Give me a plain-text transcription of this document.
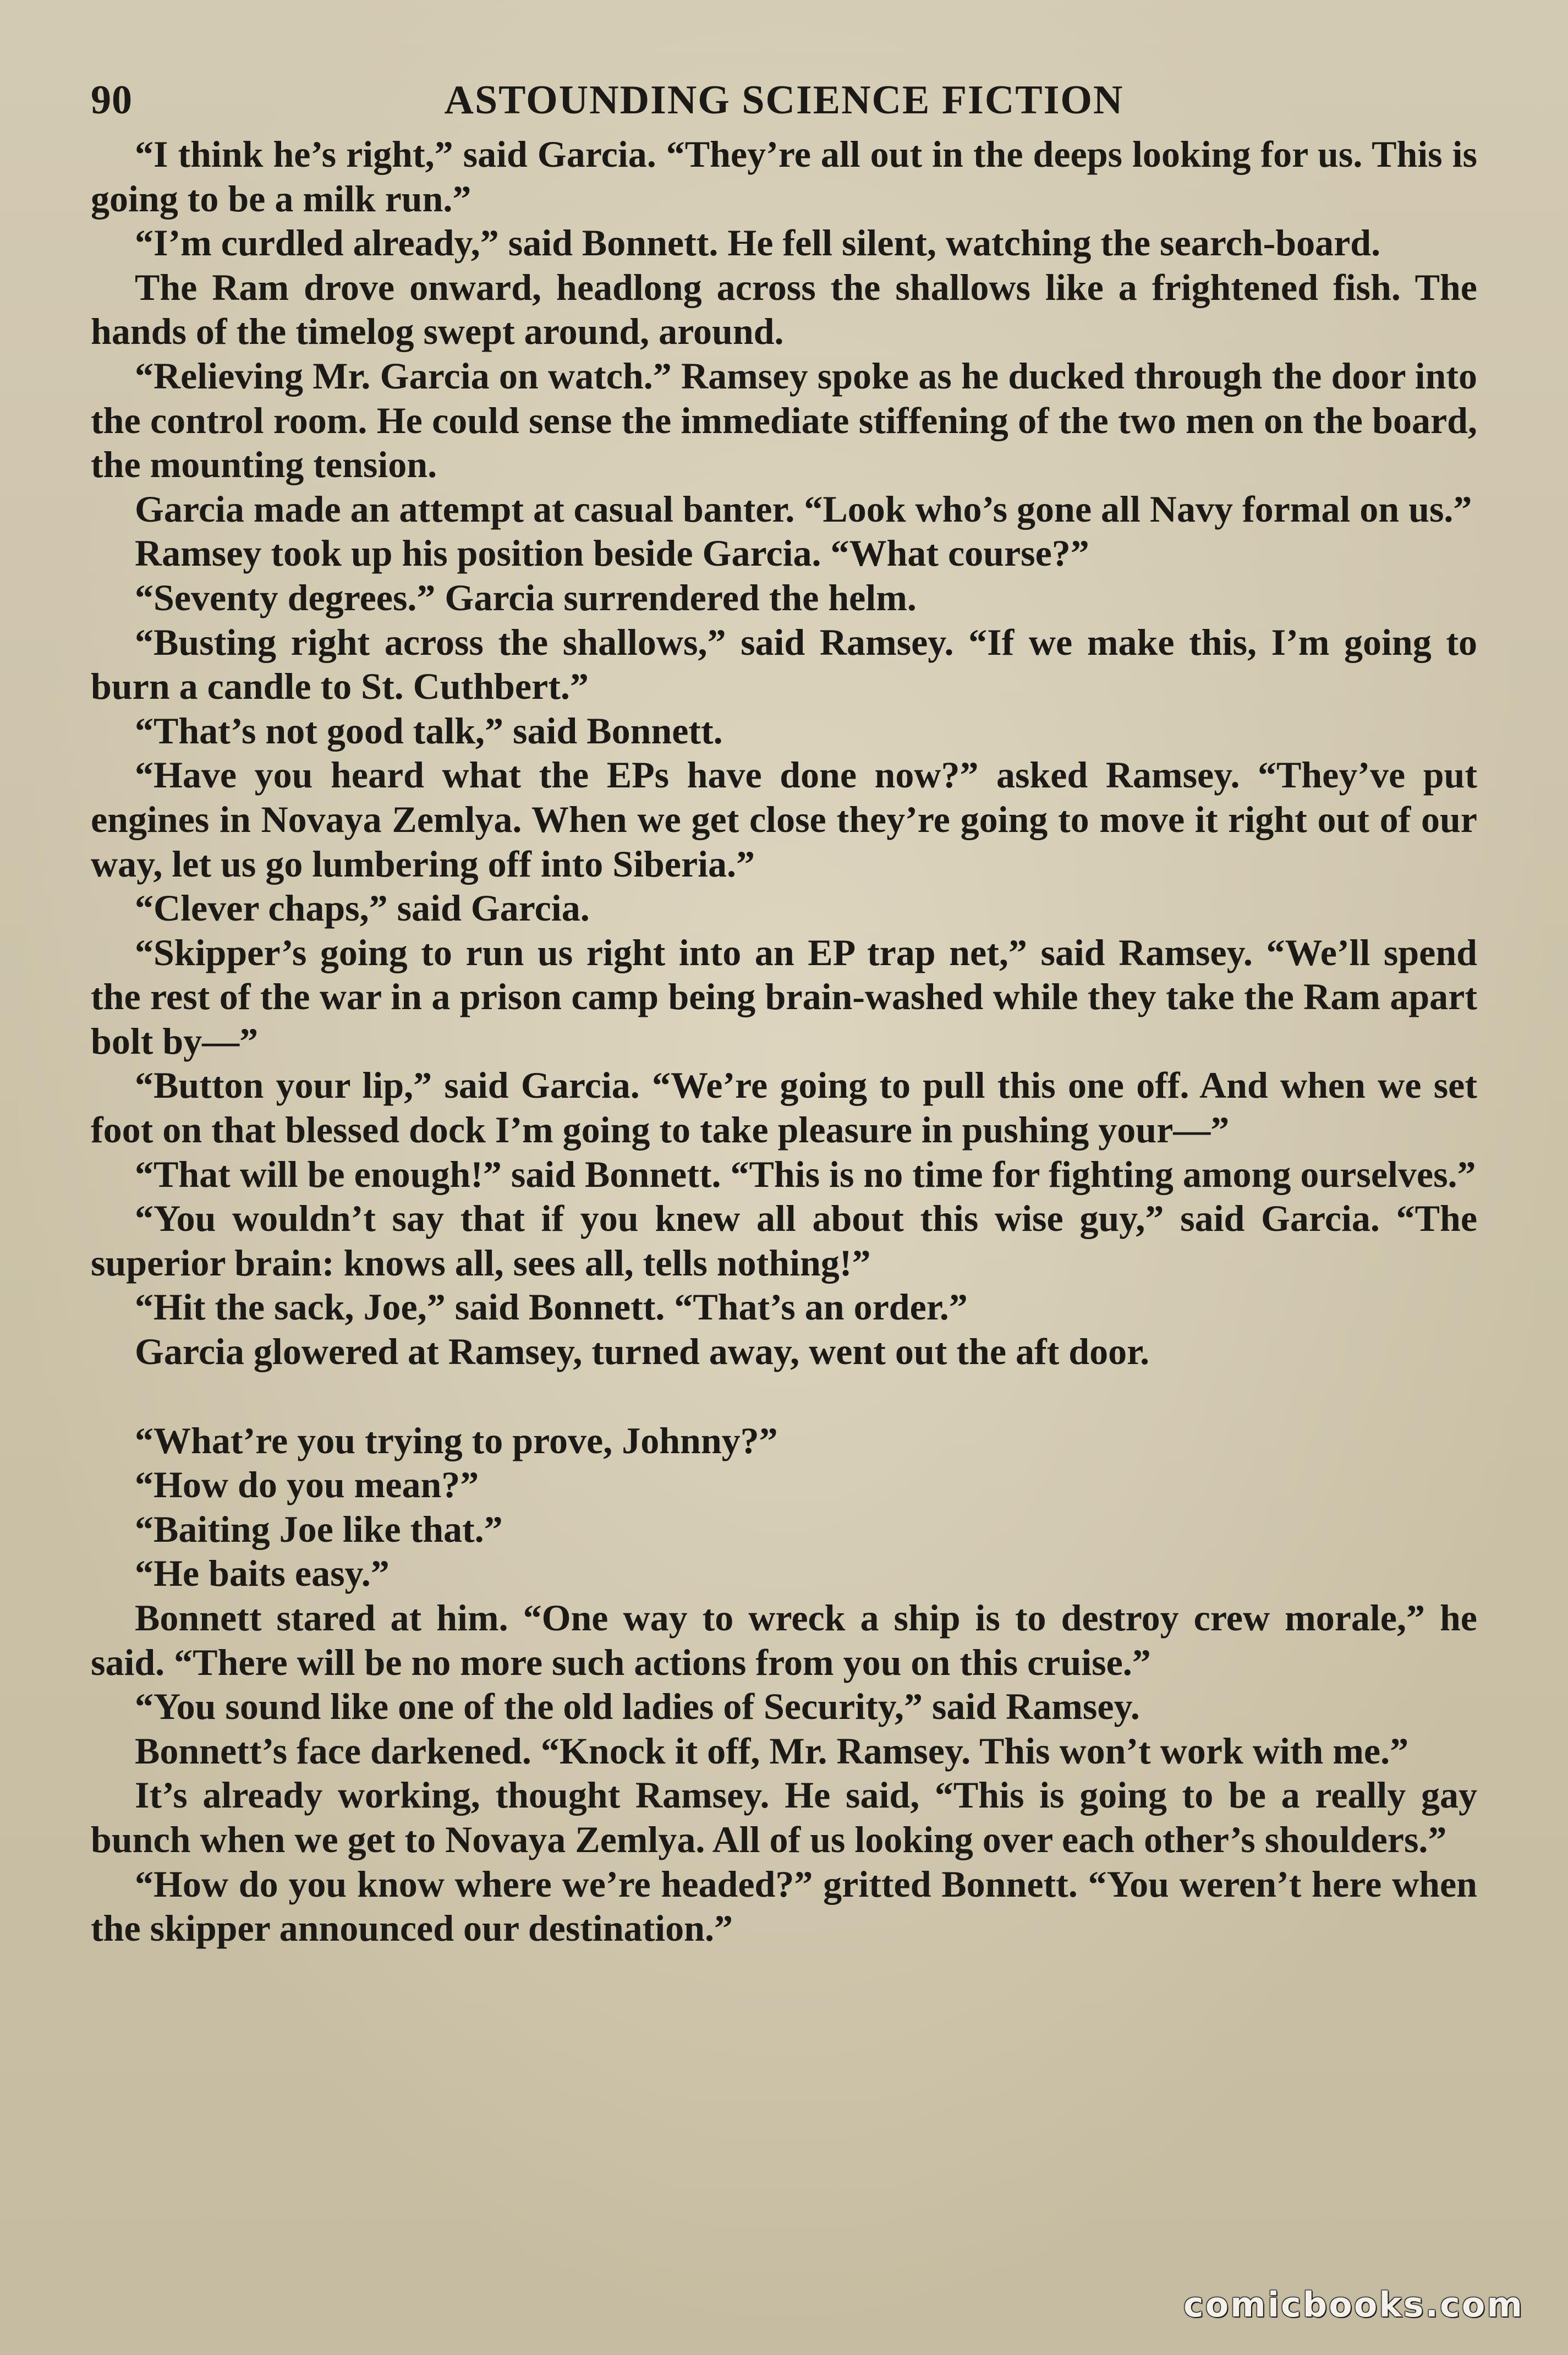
90	ASTOUNDING SCIENCE FICTION

“I think he’s right,” said Garcia. “They’re all out in the deeps looking for us. This is going to be a milk run.”

“I’m curdled already,” said Bonnett. He fell silent, watching the search-board.

The Ram drove onward, headlong across the shallows like a frightened fish. The hands of the timelog swept around, around.

“Relieving Mr. Garcia on watch.” Ramsey spoke as he ducked through the door into the control room. He could sense the immediate stiffening of the two men on the board, the mounting tension.

Garcia made an attempt at casual banter. “Look who’s gone all Navy formal on us.”

Ramsey took up his position beside Garcia. “What course?”

“Seventy degrees.” Garcia surrendered the helm.

“Busting right across the shallows,” said Ramsey. “If we make this, I’m going to burn a candle to St. Cuthbert.”

“That’s not good talk,” said Bonnett.

“Have you heard what the EPs have done now?” asked Ramsey. “They’ve put engines in Novaya Zemlya. When we get close they’re going to move it right out of our way, let us go lumbering off into Siberia.”

“Clever chaps,” said Garcia.

“Skipper’s going to run us right into an EP trap net,” said Ramsey. “We’ll spend the rest of the war in a prison camp being brain-washed while they take the Ram apart bolt by—”

“Button your lip,” said Garcia. “We’re going to pull this one off. And when we set foot on that blessed dock I’m going to take pleasure in pushing your—”

“That will be enough!” said Bonnett. “This is no time for fighting among ourselves.”

“You wouldn’t say that if you knew all about this wise guy,” said Garcia. “The superior brain: knows all, sees all, tells nothing!”

“Hit the sack, Joe,” said Bonnett. “That’s an order.”

Garcia glowered at Ramsey, turned away, went out the aft door.

“What’re you trying to prove, Johnny?”

“How do you mean?”

“Baiting Joe like that.”

“He baits easy.”

Bonnett stared at him. “One way to wreck a ship is to destroy crew morale,” he said. “There will be no more such actions from you on this cruise.”

“You sound like one of the old ladies of Security,” said Ramsey.

Bonnett’s face darkened. “Knock it off, Mr. Ramsey. This won’t work with me.”

It’s already working, thought Ramsey. He said, “This is going to be a really gay bunch when we get to Novaya Zemlya. All of us looking over each other’s shoulders.”

“How do you know where we’re headed?” gritted Bonnett. “You weren’t here when the skipper announced our destination.”

comicbooks.com
